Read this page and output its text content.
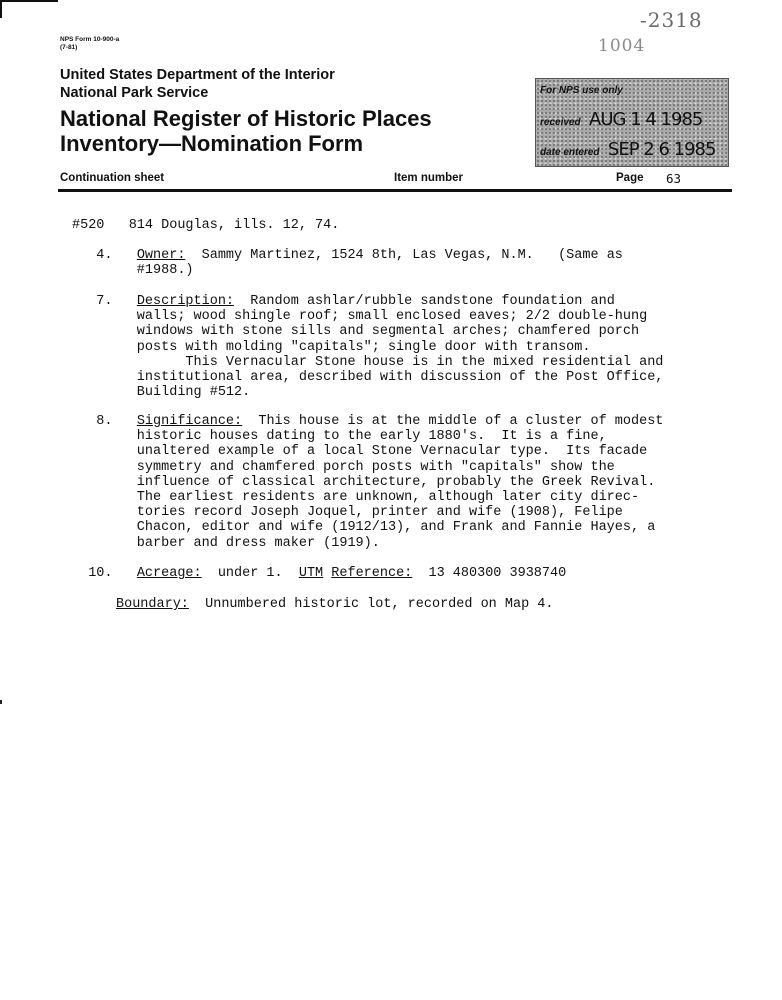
-2318
1004
NPS Form 10-900-a
(7-81)
United States Department of the Interior
National Park Service
National Register of Historic Places
Inventory—Nomination Form
For NPS use only
received AUG 1 4 1985
date entered SEP 2 6 1985
Continuation sheet	Item number	Page 63
#520   814 Douglas, ills. 12, 74.
4.   Owner:  Sammy Martinez, 1524 8th, Las Vegas, N.M.   (Same as
#1988.)
7.   Description:  Random ashlar/rubble sandstone foundation and
walls; wood shingle roof; small enclosed eaves; 2/2 double-hung
windows with stone sills and segmental arches; chamfered porch
posts with molding "capitals"; single door with transom.
This Vernacular Stone house is in the mixed residential and
institutional area, described with discussion of the Post Office,
Building #512.
8.   Significance:  This house is at the middle of a cluster of modest
historic houses dating to the early 1880's.  It is a fine,
unaltered example of a local Stone Vernacular type.  Its facade
symmetry and chamfered porch posts with "capitals" show the
influence of classical architecture, probably the Greek Revival.
The earliest residents are unknown, although later city direc-
tories record Joseph Joquel, printer and wife (1908), Felipe
Chacon, editor and wife (1912/13), and Frank and Fannie Hayes, a
barber and dress maker (1919).
10.   Acreage:  under 1.  UTM Reference:  13 480300 3938740
Boundary:  Unnumbered historic lot, recorded on Map 4.
